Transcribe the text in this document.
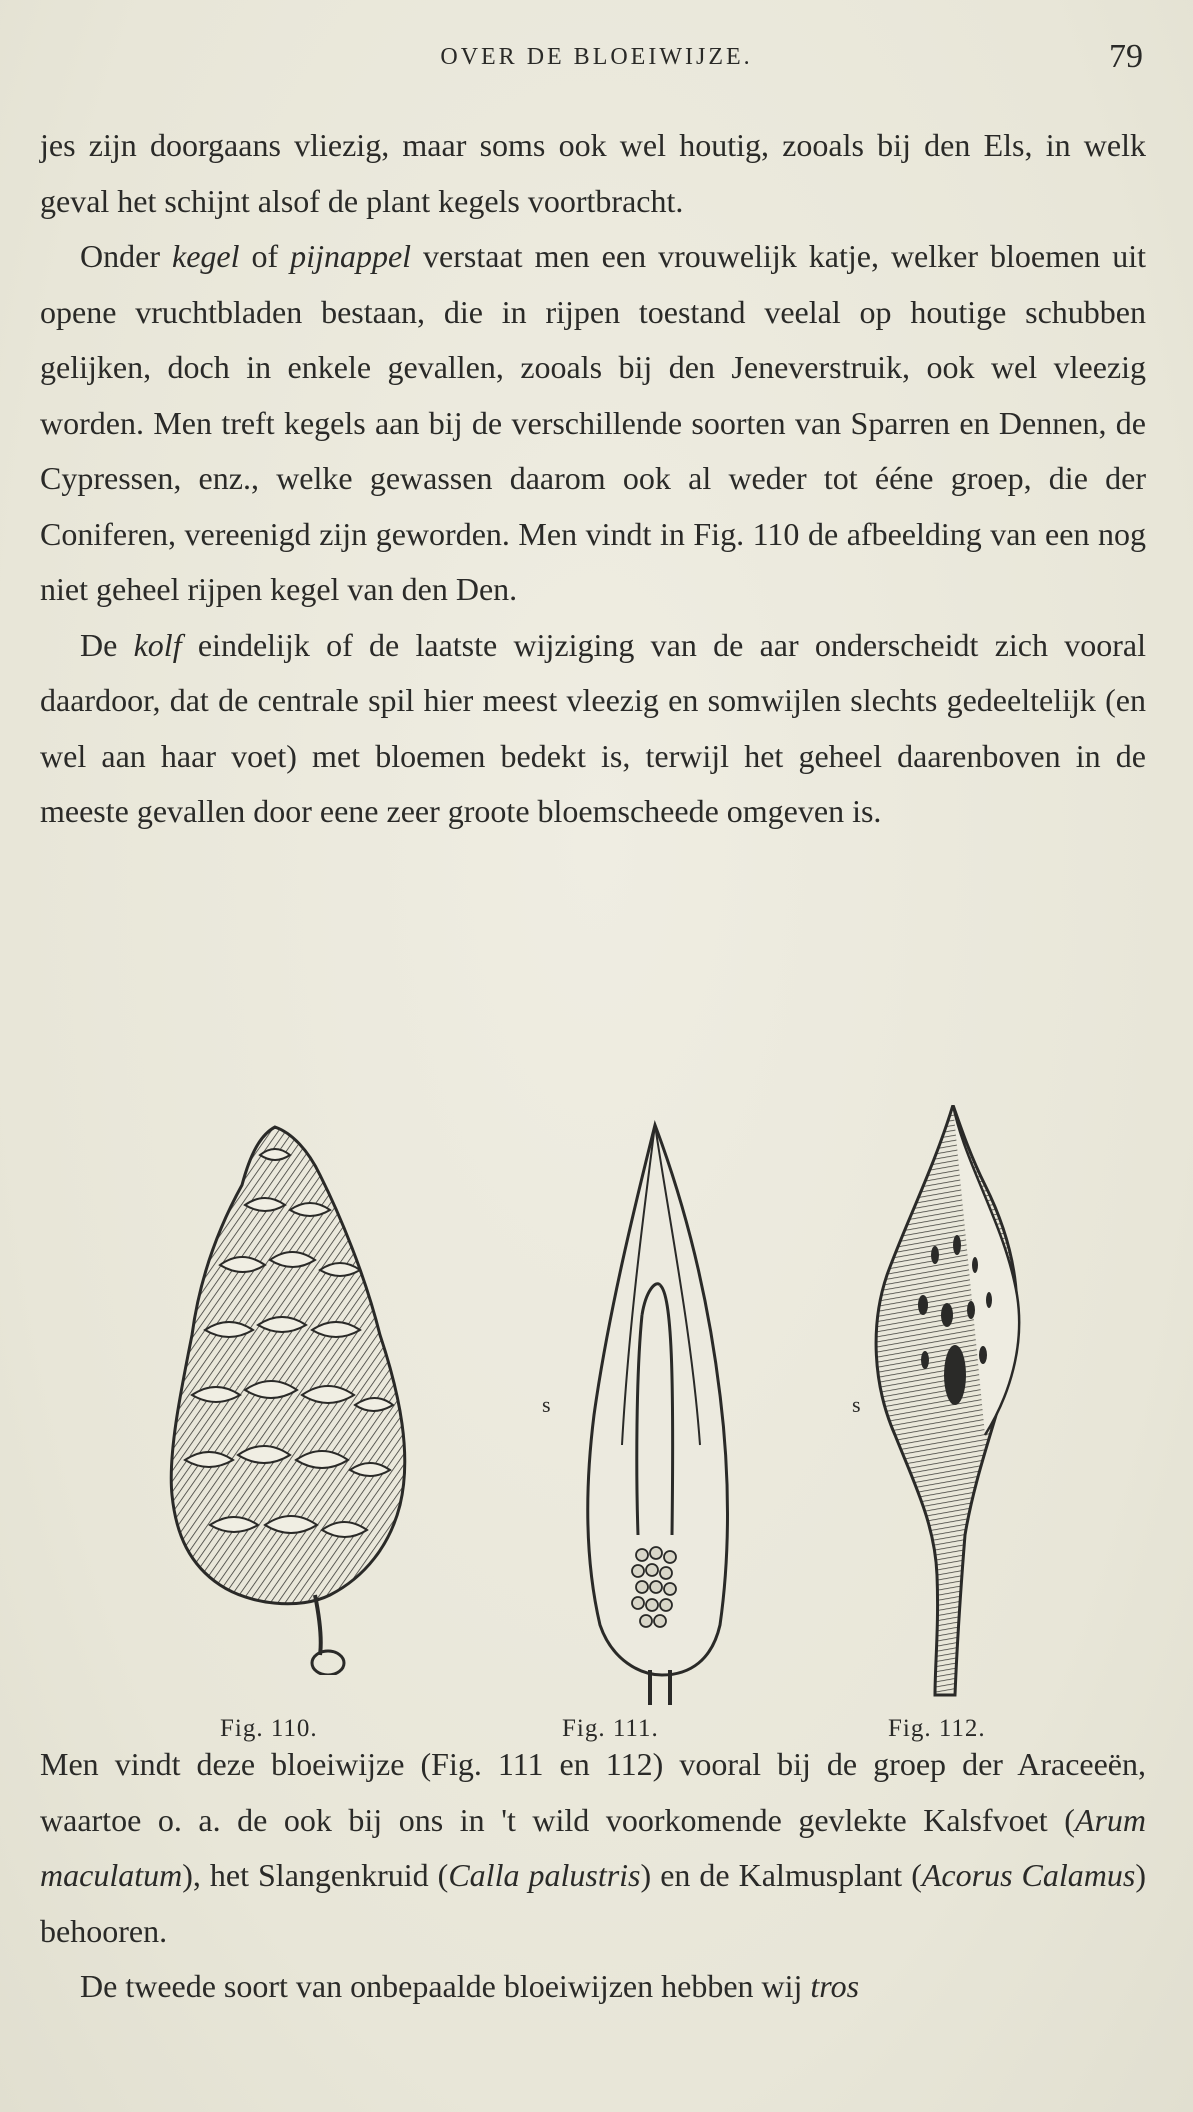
OVER DE BLOEIWIJZE.	79

jes zijn doorgaans vliezig, maar soms ook wel houtig, zooals bij den Els, in welk geval het schijnt alsof de plant kegels voortbracht.

Onder kegel of pijnappel verstaat men een vrouwelijk katje, welker bloemen uit opene vruchtbladen bestaan, die in rijpen toestand veelal op houtige schubben gelijken, doch in enkele gevallen, zooals bij den Jeneverstruik, ook wel vleezig worden. Men treft kegels aan bij de verschillende soorten van Sparren en Dennen, de Cypressen, enz., welke gewassen daarom ook al weder tot ééne groep, die der Coniferen, vereenigd zijn geworden. Men vindt in Fig. 110 de afbeelding van een nog niet geheel rijpen kegel van den Den.

De kolf eindelijk of de laatste wijziging van de aar onderscheidt zich vooral daardoor, dat de centrale spil hier meest vleezig en somwijlen slechts gedeeltelijk (en wel aan haar voet) met bloemen bedekt is, terwijl het geheel daarenboven in de meeste gevallen door eene zeer groote bloemscheede omgeven is.

Fig. 110.
s
Fig. 111.
s
Fig. 112.

Men vindt deze bloeiwijze (Fig. 111 en 112) vooral bij de groep der Araceeën, waartoe o. a. de ook bij ons in 't wild voorkomende gevlekte Kalsfvoet (Arum maculatum), het Slangenkruid (Calla palustris) en de Kalmusplant (Acorus Calamus) behooren.

De tweede soort van onbepaalde bloeiwijzen hebben wij tros
